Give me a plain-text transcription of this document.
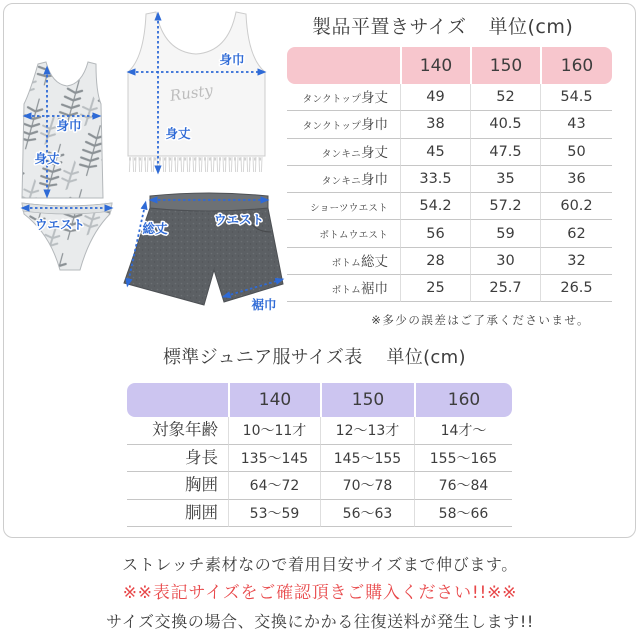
Rusty
身巾
身丈
ウエスト
身巾
身丈
ウエスト
総丈
裾巾
製品平置きサイズ 単位(cm)
140	150	160
タンクトップ身丈	49	52	54.5
タンクトップ身巾	38	40.5	43
タンキニ身丈	45	47.5	50
タンキニ身巾	33.5	35	36
ショーツウエスト	54.2	57.2	60.2
ボトムウエスト	56	59	62
ボトム総丈	28	30	32
ボトム裾巾	25	25.7	26.5
※多少の誤差はご了承くださいませ。
標準ジュニア服サイズ表 単位(cm)
140	150	160
対象年齢	10〜11才	12〜13才	14才〜
身長	135〜145	145〜155	155〜165
胸囲	64〜72	70〜78	76〜84
胴囲	53〜59	56〜63	58〜66
ストレッチ素材なので着用目安サイズまで伸びます。
※※表記サイズをご確認頂きご購入ください!!※※
サイズ交換の場合、交換にかかる往復送料が発生します!!
